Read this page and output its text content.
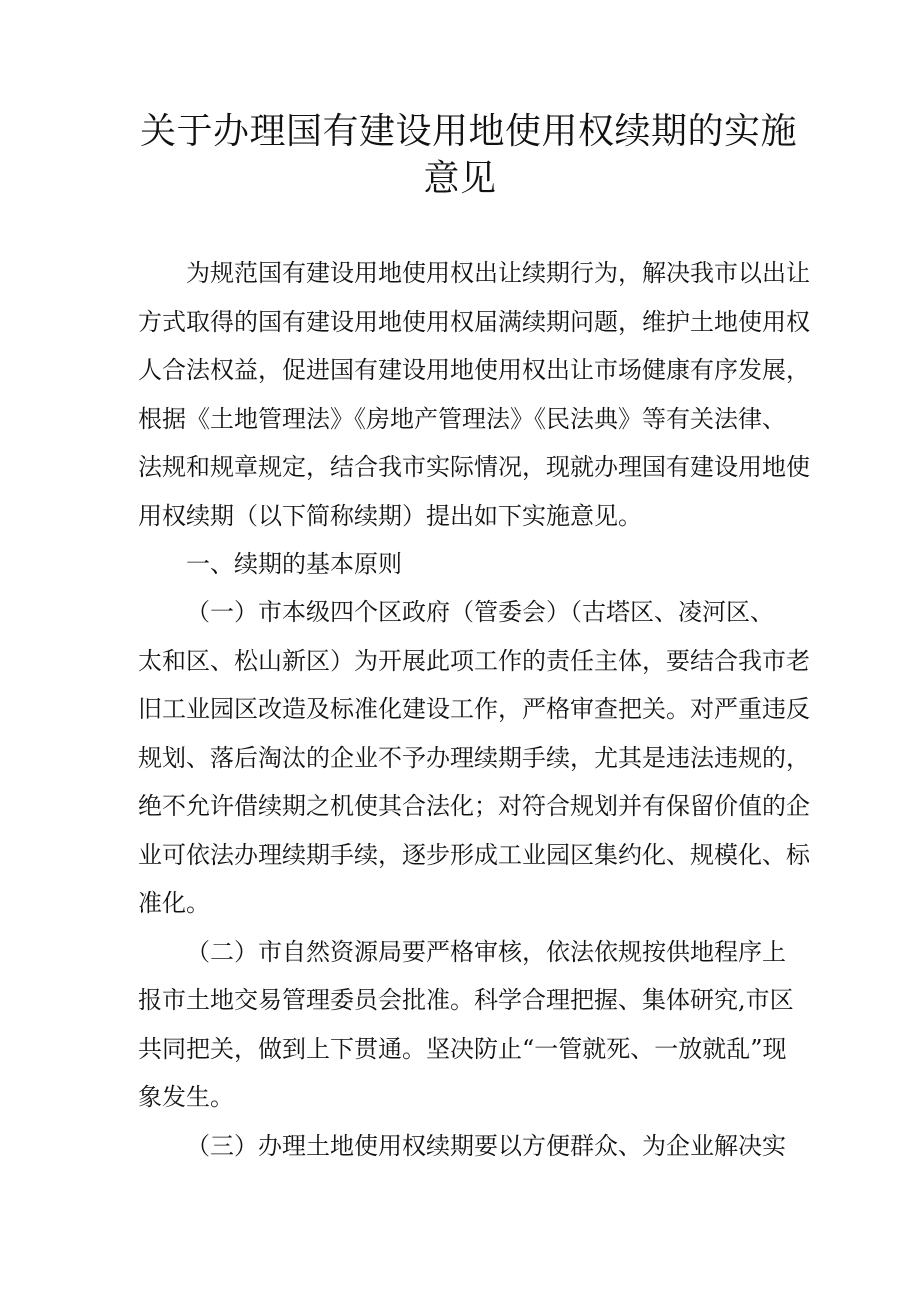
关于办理国有建设用地使用权续期的实施
意见

为规范国有建设用地使用权出让续期行为，解决我市以出让

方式取得的国有建设用地使用权届满续期问题，维护土地使用权

人合法权益，促进国有建设用地使用权出让市场健康有序发展，

根据《土地管理法》《房地产管理法》《民法典》等有关法律、

法规和规章规定，结合我市实际情况，现就办理国有建设用地使

用权续期（以下简称续期）提出如下实施意见。

一、续期的基本原则

（一）市本级四个区政府（管委会）（古塔区、凌河区、

太和区、松山新区）为开展此项工作的责任主体，要结合我市老

旧工业园区改造及标准化建设工作，严格审查把关。对严重违反

规划、落后淘汰的企业不予办理续期手续，尤其是违法违规的，

绝不允许借续期之机使其合法化；对符合规划并有保留价值的企

业可依法办理续期手续，逐步形成工业园区集约化、规模化、标

准化。

（二）市自然资源局要严格审核，依法依规按供地程序上

报市土地交易管理委员会批准。科学合理把握、集体研究,市区

共同把关，做到上下贯通。坚决防止“一管就死、一放就乱”现

象发生。

（三）办理土地使用权续期要以方便群众、为企业解决实
